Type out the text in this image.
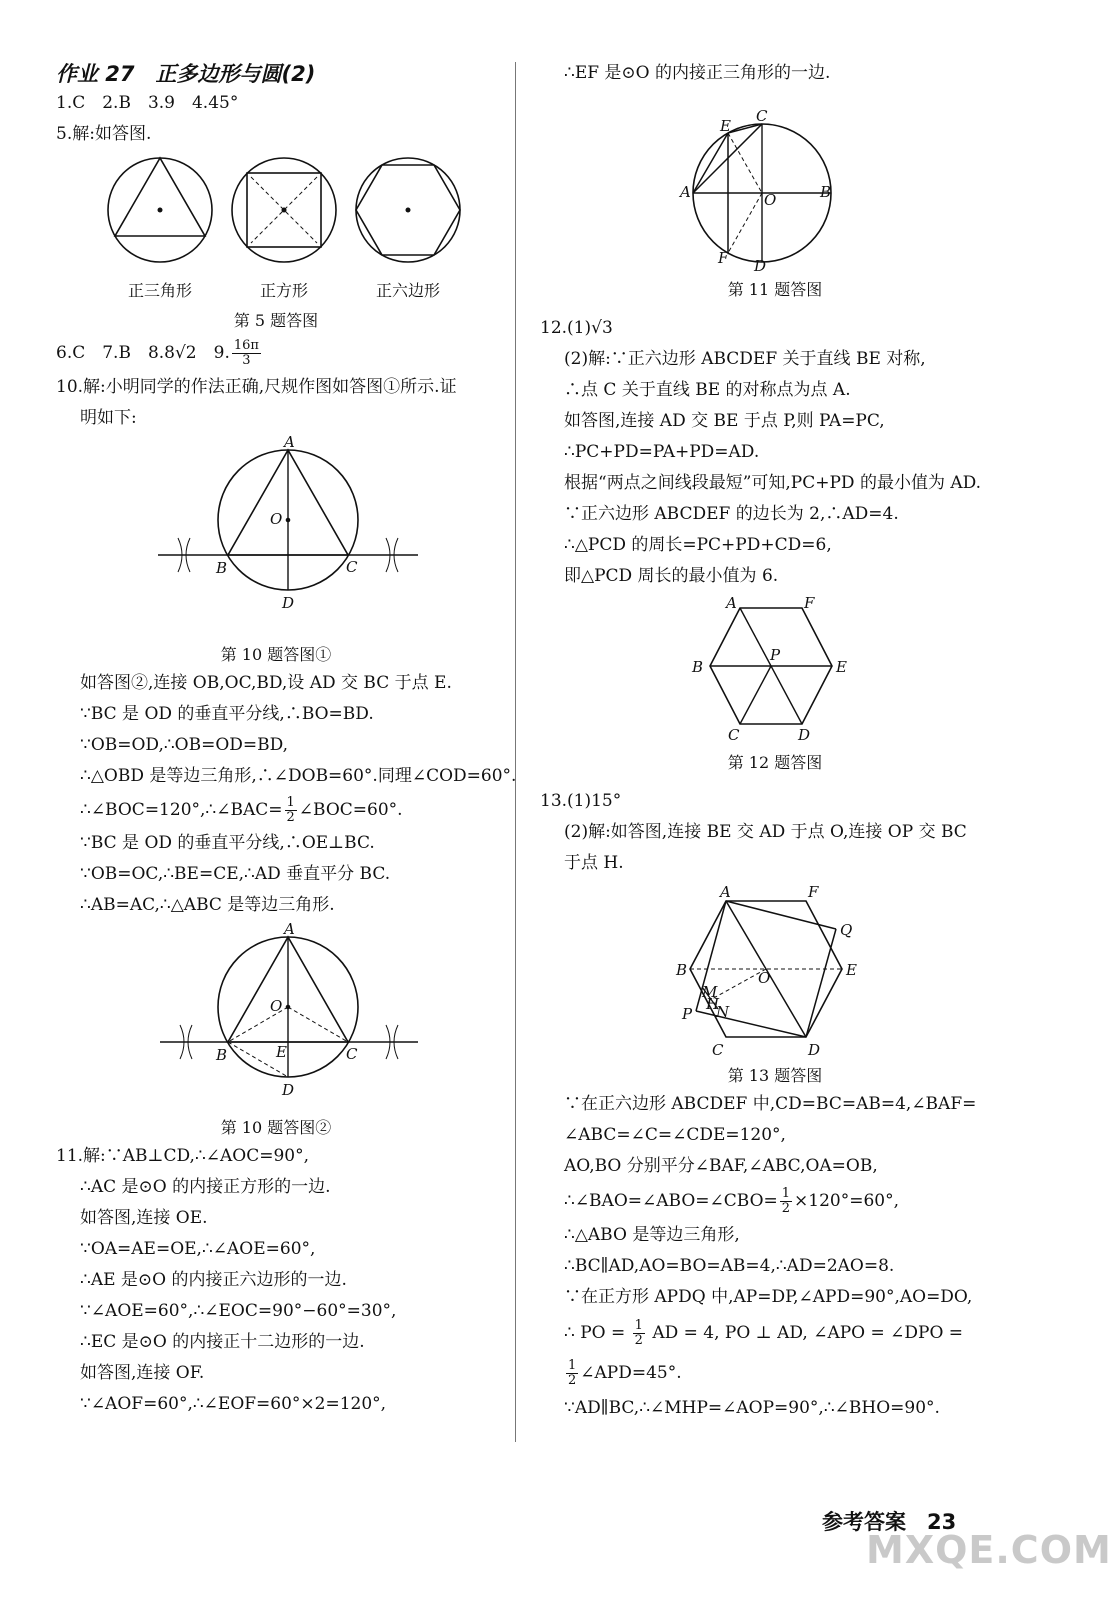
作业 27　正多边形与圆(2)
1.C　2.B　3.9　4.45°
5.解:如答图.
正三角形	正方形	正六边形
第 5 题答图
6.C　7.B　8.8√2　9. $\frac{16\pi}{3}$
10.解:小明同学的作法正确,尺规作图如答图①所示.证
明如下:
A
O
B	C
D
第 10 题答图①
如答图②,连接 OB,OC,BD,设 AD 交 BC 于点 E.
∵BC 是 OD 的垂直平分线,∴BO=BD.
∵OB=OD,∴OB=OD=BD,
∴△OBD 是等边三角形,∴∠DOB=60°.同理∠COD=60°.
∴∠BOC=120°,∴∠BAC= $\frac{1}{2}$ ∠BOC=60°.
∵BC 是 OD 的垂直平分线,∴OE⊥BC.
∵OB=OC,∴BE=CE,∴AD 垂直平分 BC.
∴AB=AC,∴△ABC 是等边三角形.
A
O
B	E	C
D
第 10 题答图②
11.解:∵AB⊥CD,∴∠AOC=90°,
∴AC 是⊙O 的内接正方形的一边.
如答图,连接 OE.
∵OA=AE=OE,∴∠AOE=60°,
∴AE 是⊙O 的内接正六边形的一边.
∵∠AOE=60°,∴∠EOC=90°−60°=30°,
∴EC 是⊙O 的内接正十二边形的一边.
如答图,连接 OF.
∵∠AOF=60°,∴∠EOF=60°×2=120°,
∴EF 是⊙O 的内接正三角形的一边.
E
C
A	O	B
F D
第 11 题答图
12.(1)√3
(2)解:∵正六边形 ABCDEF 关于直线 BE 对称,
∴点 C 关于直线 BE 的对称点为点 A.
如答图,连接 AD 交 BE 于点 P,则 PA=PC,
∴PC+PD=PA+PD=AD.
根据“两点之间线段最短”可知,PC+PD 的最小值为 AD.
∵正六边形 ABCDEF 的边长为 2,∴AD=4.
∴△PCD 的周长=PC+PD+CD=6,
即△PCD 周长的最小值为 6.
A	F
B
P
E
C	D
第 12 题答图
13.(1)15°
(2)解:如答图,连接 BE 交 AD 于点 O,连接 OP 交 BC
于点 H.
A	F
Q
B	O	E
M
H
N
P
C	D
第 13 题答图
∵在正六边形 ABCDEF 中,CD=BC=AB=4,∠BAF=
∠ABC=∠C=∠CDE=120°,
AO,BO 分别平分∠BAF,∠ABC,OA=OB,
∴∠BAO=∠ABO=∠CBO= $\frac{1}{2} \times 120^\circ=60^\circ$,
∴△ABO 是等边三角形,
∴BC∥AD,AO=BO=AB=4,∴AD=2AO=8.
∵在正方形 APDQ 中,AP=DP,∠APD=90°,AO=DO,
∴ PO = $\frac{1}{2}$ AD = 4, PO ⊥ AD, ∠APO = ∠DPO =
$\frac{1}{2}$ ∠APD=45°.
∵AD∥BC,∴∠MHP=∠AOP=90°,∴∠BHO=90°.
参考答案　23
MXQE.COM
